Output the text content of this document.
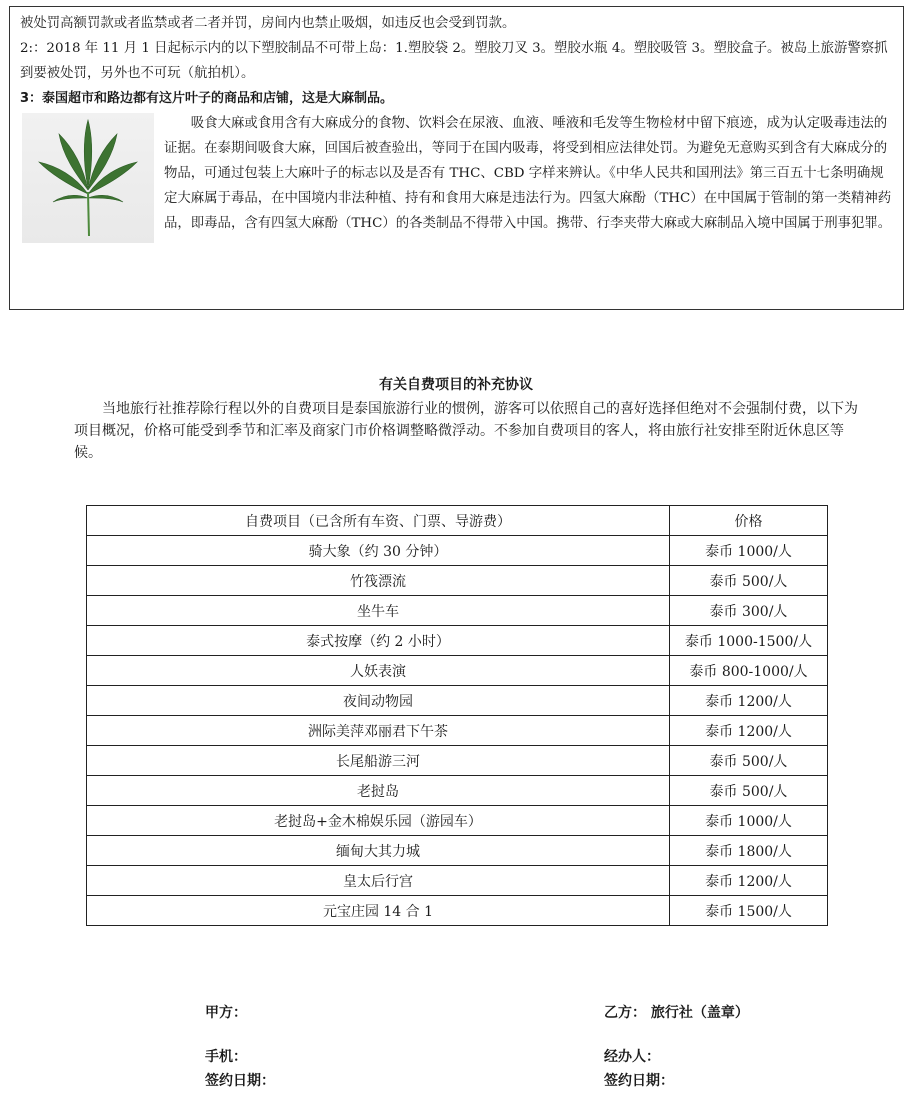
被处罚高额罚款或者监禁或者二者并罚，房间内也禁止吸烟，如违反也会受到罚款。

2:：2018 年 11 月 1 日起标示内的以下塑胶制品不可带上岛：1.塑胶袋 2。塑胶刀叉 3。塑胶水瓶 4。塑胶吸管 3。塑胶盒子。被岛上旅游警察抓到要被处罚，另外也不可玩（航拍机）。

3：泰国超市和路边都有这片叶子的商品和店铺，这是大麻制品。

吸食大麻或食用含有大麻成分的食物、饮料会在尿液、血液、唾液和毛发等生物检材中留下痕迹，成为认定吸毒违法的证据。在泰期间吸食大麻，回国后被查验出，等同于在国内吸毒，将受到相应法律处罚。为避免无意购买到含有大麻成分的物品，可通过包装上大麻叶子的标志以及是否有 THC、CBD 字样来辨认。《中华人民共和国刑法》第三百五十七条明确规定大麻属于毒品，在中国境内非法种植、持有和食用大麻是违法行为。四氢大麻酚（THC）在中国属于管制的第一类精神药品，即毒品，含有四氢大麻酚（THC）的各类制品不得带入中国。携带、行李夹带大麻或大麻制品入境中国属于刑事犯罪。

有关自费项目的补充协议

当地旅行社推荐除行程以外的自费项目是泰国旅游行业的惯例，游客可以依照自己的喜好选择但绝对不会强制付费，以下为项目概况，价格可能受到季节和汇率及商家门市价格调整略微浮动。不参加自费项目的客人，将由旅行社安排至附近休息区等候。

自费项目（已含所有车资、门票、导游费）	价格
骑大象（约 30 分钟）	泰币 1000/人
竹筏漂流	泰币 500/人
坐牛车	泰币 300/人
泰式按摩（约 2 小时）	泰币 1000-1500/人
人妖表演	泰币 800-1000/人
夜间动物园	泰币 1200/人
洲际美萍邓丽君下午茶	泰币 1200/人
长尾船游三河	泰币 500/人
老挝岛	泰币 500/人
老挝岛+金木棉娱乐园（游园车）	泰币 1000/人
缅甸大其力城	泰币 1800/人
皇太后行宫	泰币 1200/人
元宝庄园 14 合 1	泰币 1500/人
甲方：	乙方： 旅行社（盖章）
手机：	经办人：
签约日期：	签约日期：
